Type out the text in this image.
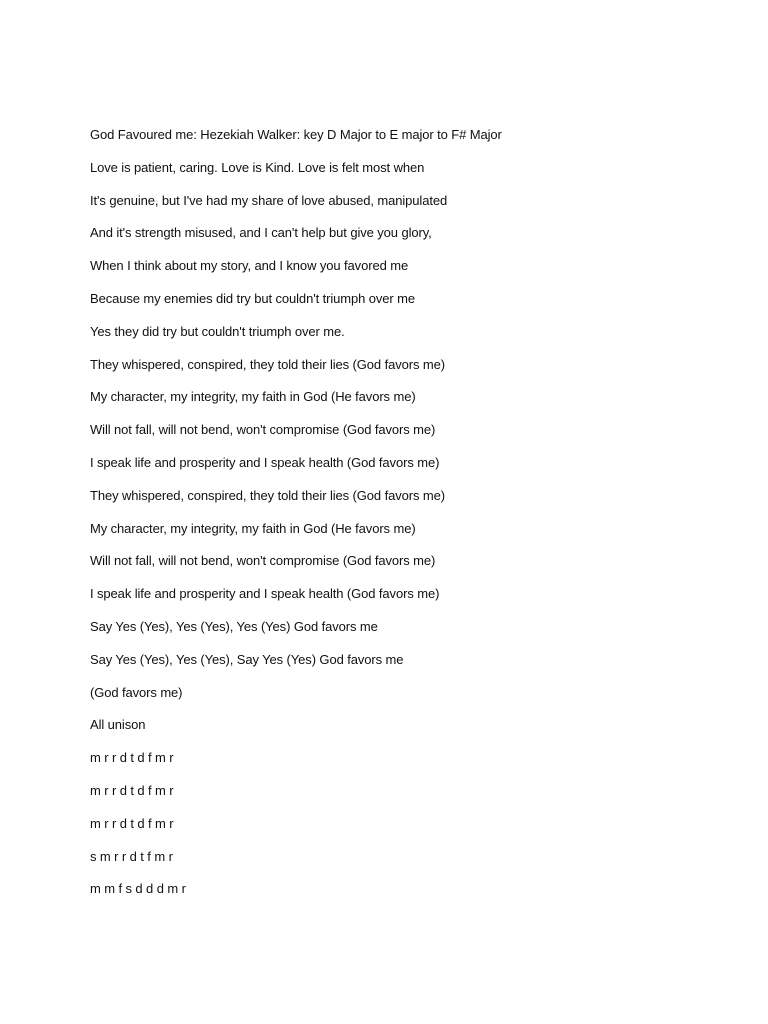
God Favoured me: Hezekiah Walker: key D Major to E major to F# Major
Love is patient, caring. Love is Kind. Love is felt most when
It's genuine, but I've had my share of love abused, manipulated
And it's strength misused, and I can't help but give you glory,
When I think about my story, and I know you favored me
Because my enemies did try but couldn't triumph over me
Yes they did try but couldn't triumph over me.
They whispered, conspired, they told their lies (God favors me)
My character, my integrity, my faith in God (He favors me)
Will not fall, will not bend, won't compromise (God favors me)
I speak life and prosperity and I speak health (God favors me)
They whispered, conspired, they told their lies (God favors me)
My character, my integrity, my faith in God (He favors me)
Will not fall, will not bend, won't compromise (God favors me)
I speak life and prosperity and I speak health (God favors me)
Say Yes (Yes), Yes (Yes), Yes (Yes) God favors me
Say Yes (Yes), Yes (Yes), Say Yes (Yes) God favors me
(God favors me)
All unison
m r r d t d f m r
m r r d t d f m r
m r r d t d f m r
s m r r d t f m r
m m f s d d d m r
